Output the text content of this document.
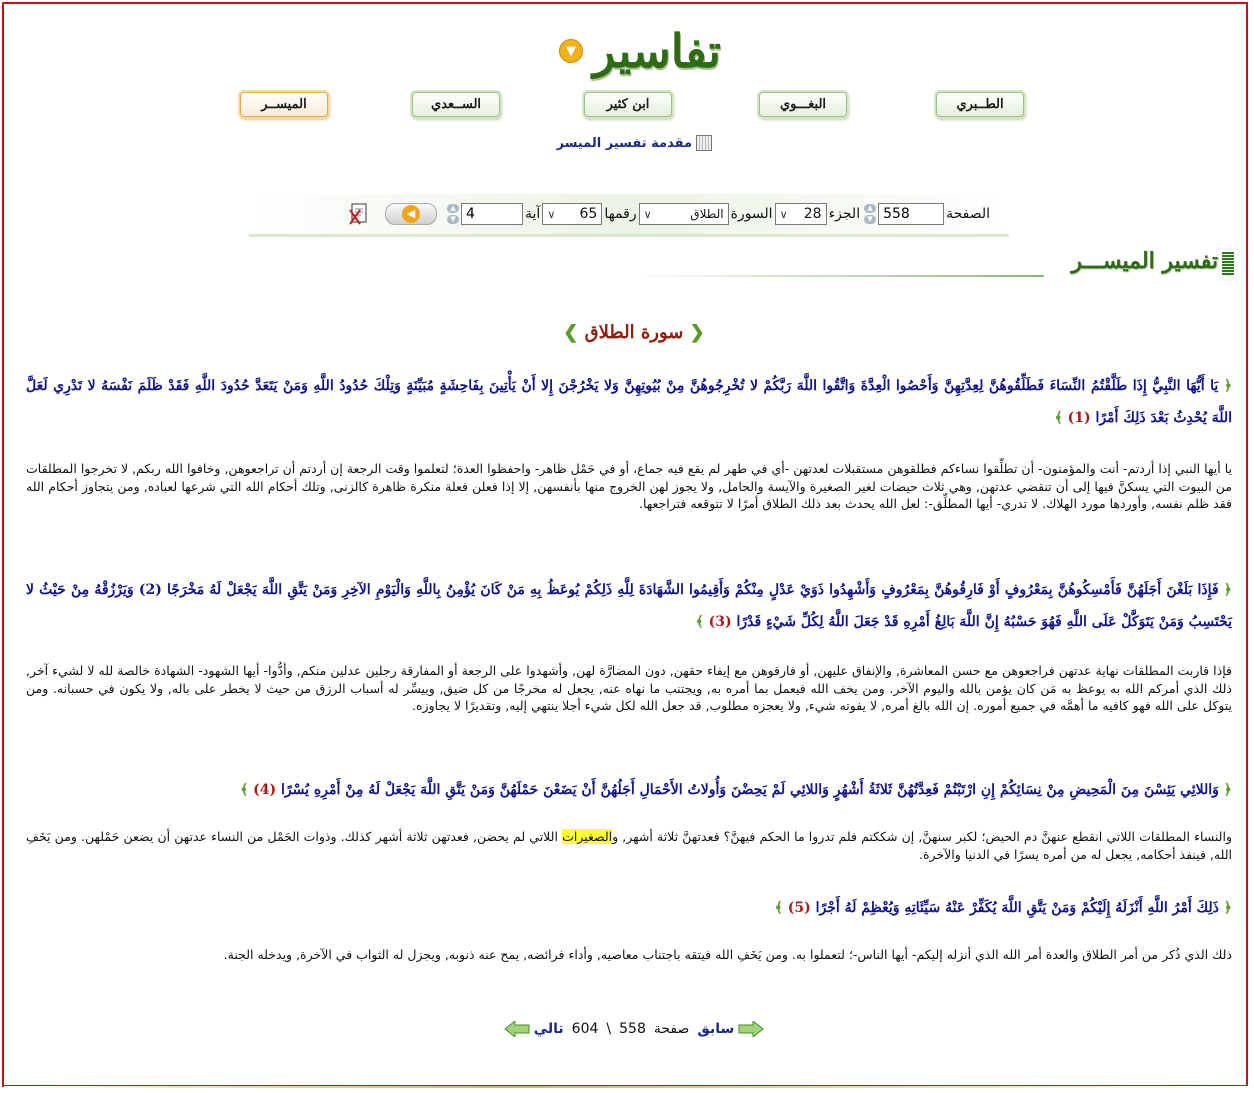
تفاسير
▼
الطــبري
البغـــوي
ابن كثير
الســعدي
الميســر
مقدمة تفسير الميسر
الصفحة
558
▲
▼
الجزء
∨ 28
السورة
∨	الطلاق
رقمها
∨ 65
آية
4
▲
▼
◀
تفسير الميســـر
❮ سورة الطلاق ❯
﴿ يَا أَيُّهَا النَّبِيُّ إِذَا طَلَّقْتُمُ النِّسَاءَ فَطَلِّقُوهُنَّ لِعِدَّتِهِنَّ وَأَحْصُوا الْعِدَّةَ وَاتَّقُوا اللَّهَ رَبَّكُمْ لا تُخْرِجُوهُنَّ مِنْ بُيُوتِهِنَّ وَلا يَخْرُجْنَ إِلا أَنْ يَأْتِينَ بِفَاحِشَةٍ مُبَيِّنَةٍ وَتِلْكَ حُدُودُ اللَّهِ وَمَنْ يَتَعَدَّ حُدُودَ اللَّهِ فَقَدْ ظَلَمَ نَفْسَهُ لا تَدْرِي لَعَلَّ اللَّهَ يُحْدِثُ بَعْدَ ذَلِكَ أَمْرًا (1) ﴾
يا أيها النبي إذا أردتم- أنت والمؤمنون- أن تطلِّقوا نساءكم فطلقوهن مستقبلات لعدتهن -أي في طهر لم يقع فيه جماع، أو في حَمْل ظاهر- واحفظوا العدة؛ لتعلموا وقت الرجعة إن أردتم أن تراجعوهن, وخافوا الله ربكم, لا تخرجوا المطلقات من البيوت التي يسكنَّ فيها إلى أن تنقضي عدتهن, وهي ثلاث حيضات لغير الصغيرة والآيسة والحامل, ولا يجوز لهن الخروج منها بأنفسهن, إلا إذا فعلن فعلة منكرة ظاهرة كالزنى, وتلك أحكام الله التي شرعها لعباده, ومن يتجاوز أحكام الله فقد ظلم نفسه, وأوردها مورد الهلاك. لا تدري- أيها المطلِّق-: لعل الله يحدث بعد ذلك الطلاق أمرًا لا تتوقعه فتراجعها.
﴿ فَإِذَا بَلَغْنَ أَجَلَهُنَّ فَأَمْسِكُوهُنَّ بِمَعْرُوفٍ أَوْ فَارِقُوهُنَّ بِمَعْرُوفٍ وَأَشْهِدُوا ذَوَيْ عَدْلٍ مِنْكُمْ وَأَقِيمُوا الشَّهَادَةَ لِلَّهِ ذَلِكُمْ يُوعَظُ بِهِ مَنْ كَانَ يُؤْمِنُ بِاللَّهِ وَالْيَوْمِ الآخِرِ وَمَنْ يَتَّقِ اللَّهَ يَجْعَلْ لَهُ مَخْرَجًا (2) وَيَرْزُقْهُ مِنْ حَيْثُ لا يَحْتَسِبُ وَمَنْ يَتَوَكَّلْ عَلَى اللَّهِ فَهُوَ حَسْبُهُ إِنَّ اللَّهَ بَالِغُ أَمْرِهِ قَدْ جَعَلَ اللَّهُ لِكُلِّ شَيْءٍ قَدْرًا (3) ﴾
فإذا قاربت المطلقات نهاية عدتهن فراجعوهن مع حسن المعاشرة, والإنفاق عليهن, أو فارقوهن مع إيفاء حقهن, دون المضارَّة لهن, وأشهدوا على الرجعة أو المفارقة رجلين عدلين منكم, وأدُّوا- أيها الشهود- الشهادة خالصة لله لا لشيء آخر, ذلك الذي أمركم الله به يوعظ به مَن كان يؤمن بالله واليوم الآخر. ومن يخف الله فيعمل بما أمره به, ويجتنب ما نهاه عنه, يجعل له مخرجًا من كل ضيق, وييسِّر له أسباب الرزق من حيث لا يخطر على باله, ولا يكون في حسبانه. ومن يتوكل على الله فهو كافيه ما أهمَّه في جميع أموره. إن الله بالغ أمره, لا يفوته شيء, ولا يعجزه مطلوب, قد جعل الله لكل شيء أجلا ينتهي إليه, وتقديرًا لا يجاوزه.
﴿ وَاللائِي يَئِسْنَ مِنَ الْمَحِيضِ مِنْ نِسَائِكُمْ إِنِ ارْتَبْتُمْ فَعِدَّتُهُنَّ ثَلاثَةُ أَشْهُرٍ وَاللائِي لَمْ يَحِضْنَ وَأُولاتُ الأَحْمَالِ أَجَلُهُنَّ أَنْ يَضَعْنَ حَمْلَهُنَّ وَمَنْ يَتَّقِ اللَّهَ يَجْعَلْ لَهُ مِنْ أَمْرِهِ يُسْرًا (4) ﴾
والنساء المطلقات اللاتي انقطع عنهنَّ دم الحيض؛ لكبر سنهنَّ, إن شككتم فلم تدروا ما الحكم فيهنَّ؟ فعدتهنَّ ثلاثة أشهر, والصغيرات اللاتي لم يحضن, فعدتهن ثلاثة أشهر كذلك. وذوات الحَمْل من النساء عدتهن أن يضعن حَمْلهن. ومن يَخَفِ الله, فينفذ أحكامه, يجعل له من أمره يسرًا في الدنيا والآخرة.
﴿ ذَلِكَ أَمْرُ اللَّهِ أَنْزَلَهُ إِلَيْكُمْ وَمَنْ يَتَّقِ اللَّهَ يُكَفِّرْ عَنْهُ سَيِّئَاتِهِ وَيُعْظِمْ لَهُ أَجْرًا (5) ﴾
ذلك الذي ذُكر من أمر الطلاق والعدة أمر الله الذي أنزله إليكم- أيها الناس-؛ لتعملوا به. ومن يَخَفِ الله فيتقه باجتناب معاصيه, وأداء فرائضه, يمح عنه ذنوبه, ويجزل له الثواب في الآخرة, ويدخله الجنة.
سابق
صفحة
558
\
604
تالي
